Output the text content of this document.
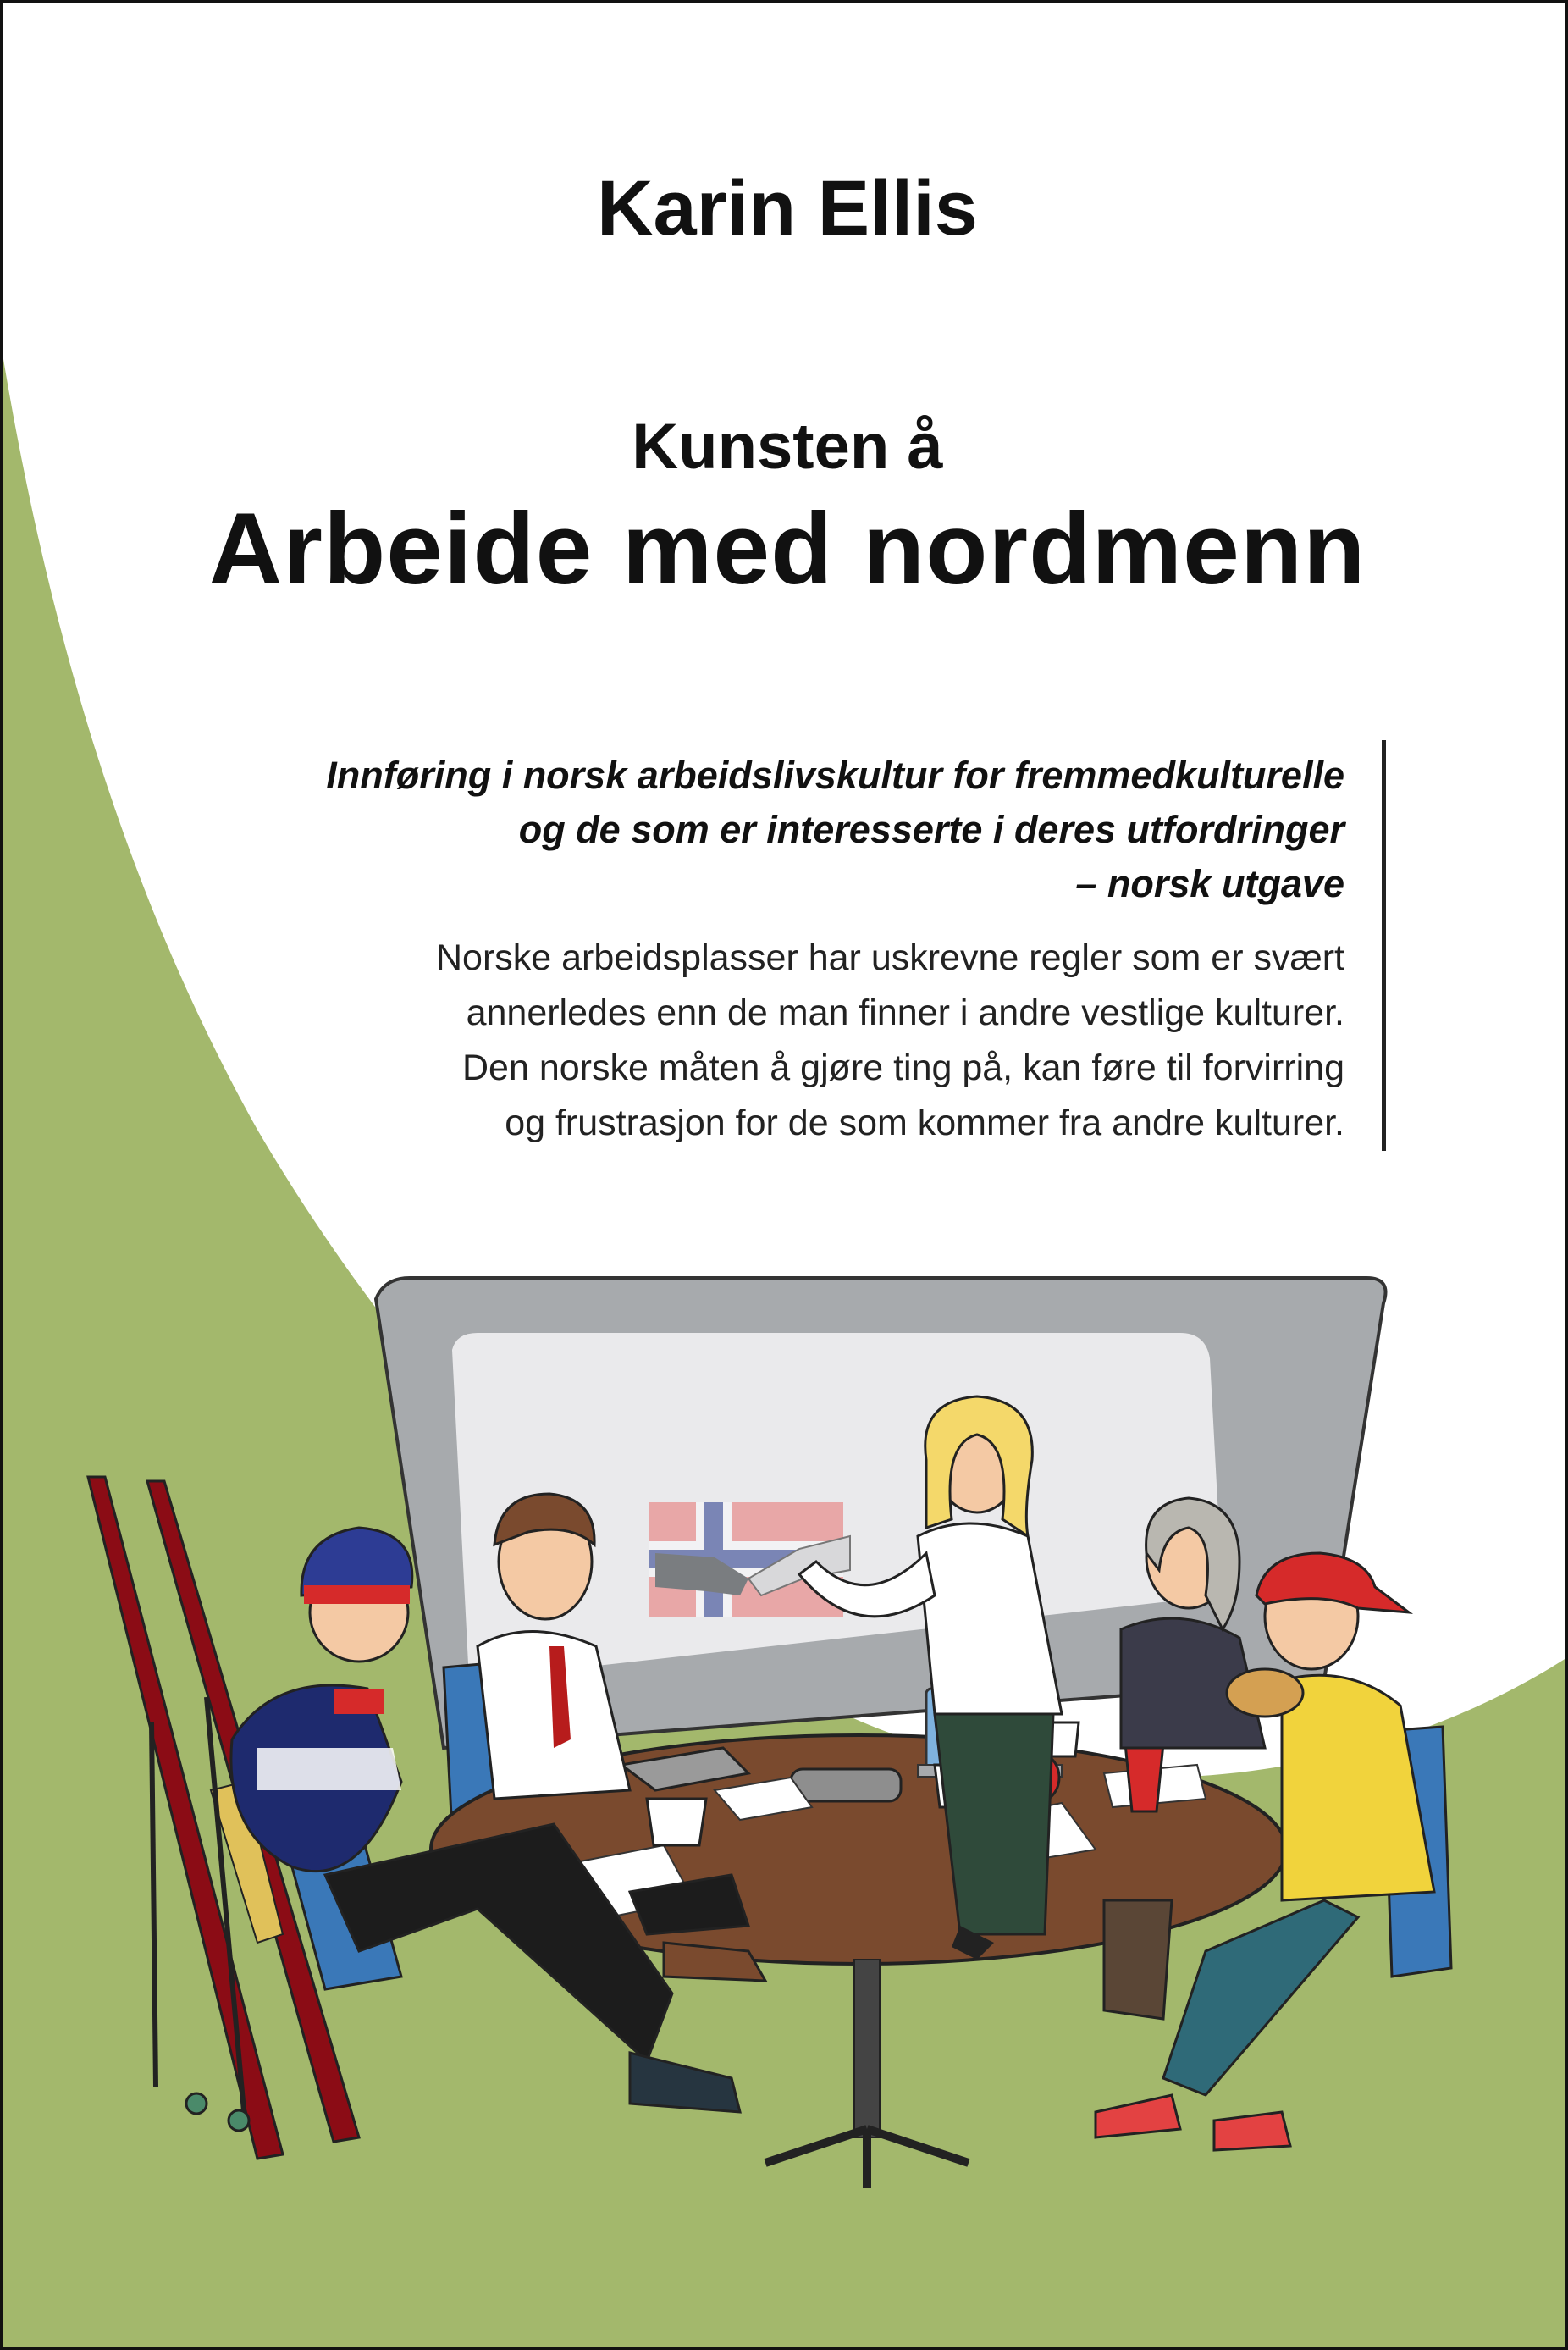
Karin Ellis
Kunsten å
Arbeide med nordmenn
Innføring i norsk arbeidslivskultur for fremmedkulturelle
og de som er interesserte i deres utfordringer
– norsk utgave
Norske arbeidsplasser har uskrevne regler som er svært
annerledes enn de man finner i andre vestlige kulturer.
Den norske måten å gjøre ting på, kan føre til forvirring
og frustrasjon for de som kommer fra andre kulturer.
